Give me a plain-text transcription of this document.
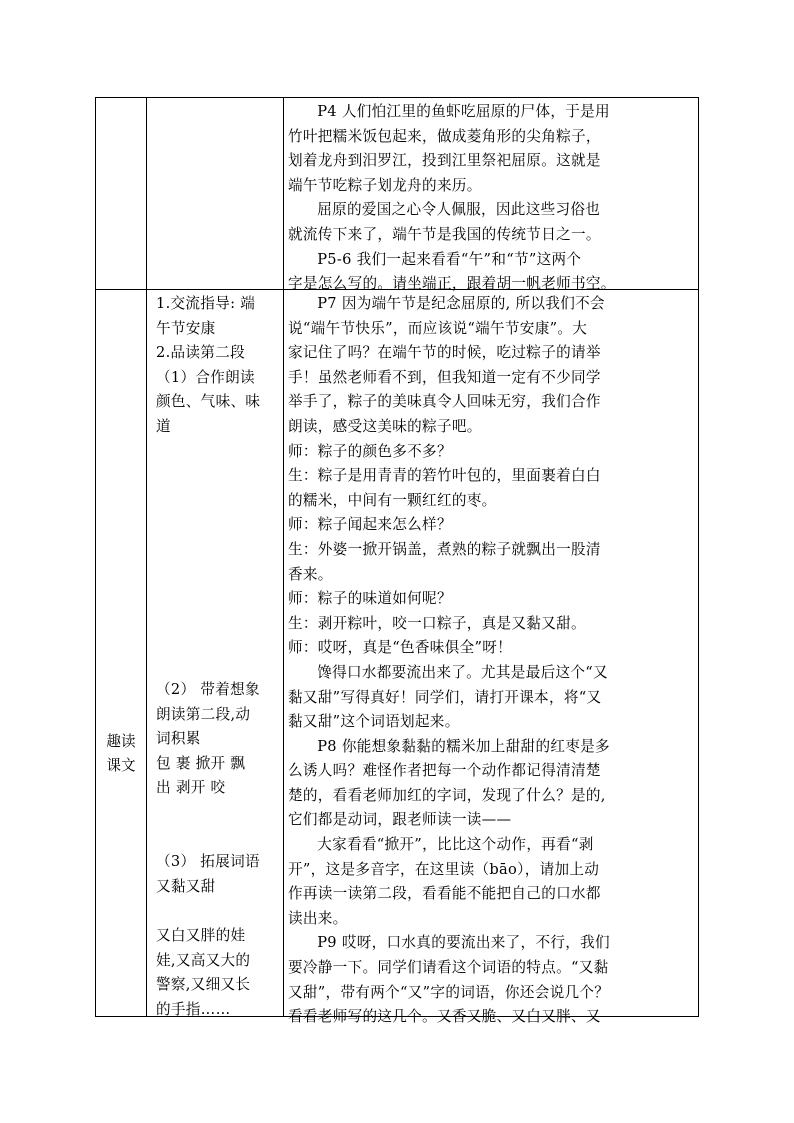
P4 人们怕江里的鱼虾吃屈原的尸体，于是用

竹叶把糯米饭包起来，做成菱角形的尖角粽子，

划着龙舟到汨罗江，投到江里祭祀屈原。这就是

端午节吃粽子划龙舟的来历。

屈原的爱国之心令人佩服，因此这些习俗也

就流传下来了，端午节是我国的传统节日之一。

P5-6 我们一起来看看“午”和“节”这两个

字是怎么写的。请坐端正，跟着胡一帆老师书空。

趣读
课文

1.交流指导: 端

午节安康

2.品读第二段

（1）合作朗读

颜色、气味、味

道

（2） 带着想象

朗读第二段,动

词积累

包 裹 掀开 飘

出 剥开 咬

（3） 拓展词语

又黏又甜

又白又胖的娃

娃,又高又大的

警察,又细又长

的手指……

P7 因为端午节是纪念屈原的, 所以我们不会

说“端午节快乐”，而应该说“端午节安康”。大

家记住了吗？在端午节的时候，吃过粽子的请举

手！虽然老师看不到，但我知道一定有不少同学

举手了，粽子的美味真令人回味无穷，我们合作

朗读，感受这美味的粽子吧。

师：粽子的颜色多不多？

生：粽子是用青青的箬竹叶包的，里面裹着白白

的糯米，中间有一颗红红的枣。

师：粽子闻起来怎么样？

生：外婆一掀开锅盖，煮熟的粽子就飘出一股清

香来。

师：粽子的味道如何呢？

生：剥开粽叶，咬一口粽子，真是又黏又甜。

师：哎呀，真是“色香味俱全”呀！

馋得口水都要流出来了。尤其是最后这个“又

黏又甜”写得真好！同学们，请打开课本，将“又

黏又甜”这个词语划起来。

P8 你能想象黏黏的糯米加上甜甜的红枣是多

么诱人吗？难怪作者把每一个动作都记得清清楚

楚的，看看老师加红的字词，发现了什么？是的,

它们都是动词，跟老师读一读——

大家看看“掀开”，比比这个动作，再看“剥

开”，这是多音字，在这里读（bāo），请加上动

作再读一读第二段，看看能不能把自己的口水都

读出来。

P9 哎呀，口水真的要流出来了，不行，我们

要冷静一下。同学们请看这个词语的特点。“又黏

又甜”，带有两个“又”字的词语，你还会说几个？

看看老师写的这几个。又香又脆、又白又胖、又
